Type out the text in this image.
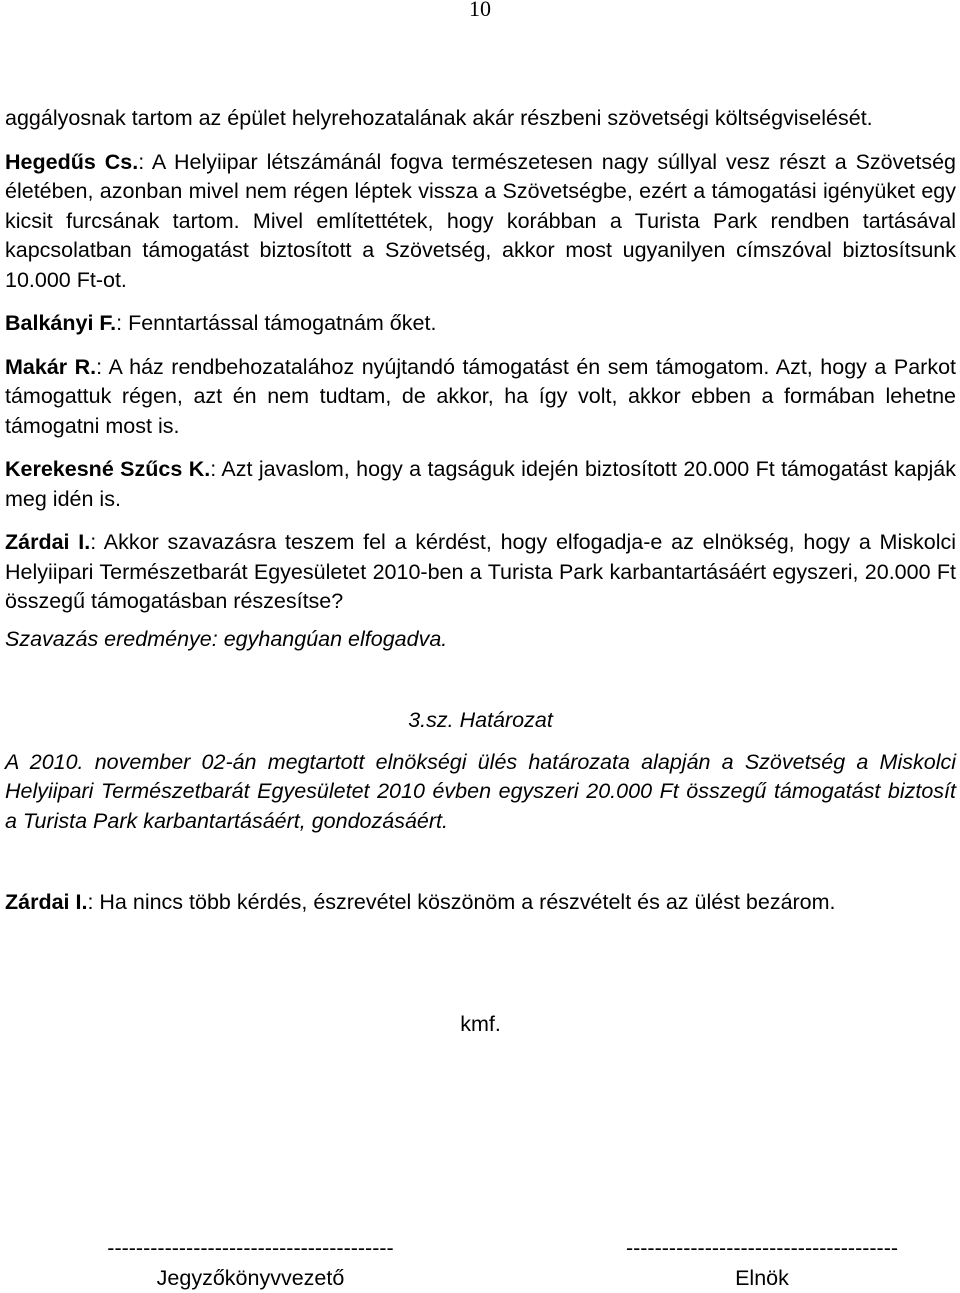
10

aggályosnak tartom az épület helyrehozatalának akár részbeni szövetségi költségviselését.

Hegedűs Cs.: A Helyiipar létszámánál fogva természetesen nagy súllyal vesz részt a Szövetség életében, azonban mivel nem régen léptek vissza a Szövetségbe, ezért a támogatási igényüket egy kicsit furcsának tartom. Mivel említettétek, hogy korábban a Turista Park rendben tartásával kapcsolatban támogatást biztosított a Szövetség, akkor most ugyanilyen címszóval biztosítsunk 10.000 Ft-ot.

Balkányi F.: Fenntartással támogatnám őket.

Makár R.: A ház rendbehozatalához nyújtandó támogatást én sem támogatom. Azt, hogy a Parkot támogattuk régen, azt én nem tudtam, de akkor, ha így volt, akkor ebben a formában lehetne támogatni most is.

Kerekesné Szűcs K.: Azt javaslom, hogy a tagságuk idején biztosított 20.000 Ft támogatást kapják meg idén is.

Zárdai I.: Akkor szavazásra teszem fel a kérdést, hogy elfogadja-e az elnökség, hogy a Miskolci Helyiipari Természetbarát Egyesületet 2010-ben a Turista Park karbantartásáért egyszeri, 20.000 Ft összegű támogatásban részesítse?

Szavazás eredménye: egyhangúan elfogadva.

3.sz. Határozat

A 2010. november 02-án megtartott elnökségi ülés határozata alapján a Szövetség a Miskolci Helyiipari Természetbarát Egyesületet 2010 évben egyszeri 20.000 Ft összegű támogatást biztosít a Turista Park karbantartásáért, gondozásáért.

Zárdai I.: Ha nincs több kérdés, észrevétel köszönöm a részvételt és az ülést bezárom.

kmf.

----------------------------------------
Jegyzőkönyvvezető
--------------------------------------
Elnök
